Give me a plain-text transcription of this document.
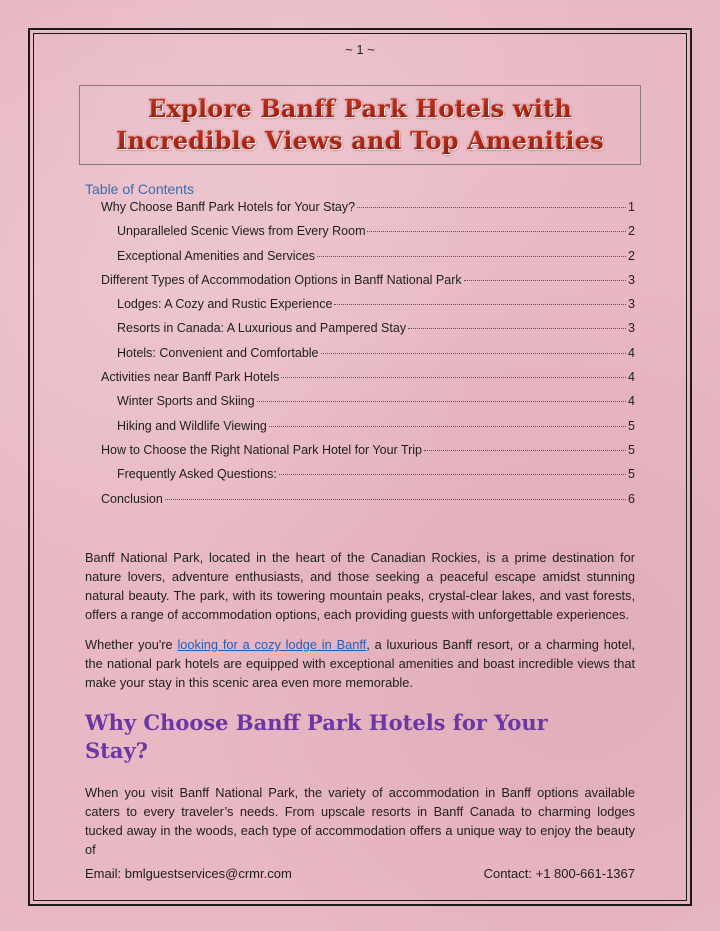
~ 1 ~
Explore Banff Park Hotels with
Incredible Views and Top Amenities
Table of Contents
Why Choose Banff Park Hotels for Your Stay?	1
Unparalleled Scenic Views from Every Room	2
Exceptional Amenities and Services	2
Different Types of Accommodation Options in Banff National Park	3
Lodges: A Cozy and Rustic Experience	3
Resorts in Canada: A Luxurious and Pampered Stay	3
Hotels: Convenient and Comfortable	4
Activities near Banff Park Hotels	4
Winter Sports and Skiing	4
Hiking and Wildlife Viewing	5
How to Choose the Right National Park Hotel for Your Trip	5
Frequently Asked Questions:	5
Conclusion	6
Banff National Park, located in the heart of the Canadian Rockies, is a prime destination for nature lovers, adventure enthusiasts, and those seeking a peaceful escape amidst stunning natural beauty. The park, with its towering mountain peaks, crystal-clear lakes, and vast forests, offers a range of accommodation options, each providing guests with unforgettable experiences.
Whether you're looking for a cozy lodge in Banff, a luxurious Banff resort, or a charming hotel, the national park hotels are equipped with exceptional amenities and boast incredible views that make your stay in this scenic area even more memorable.
Why Choose Banff Park Hotels for Your Stay?
When you visit Banff National Park, the variety of accommodation in Banff options available caters to every traveler’s needs. From upscale resorts in Banff Canada to charming lodges tucked away in the woods, each type of accommodation offers a unique way to enjoy the beauty of
Email: bmlguestservices@crmr.com	Contact: +1 800-661-1367
